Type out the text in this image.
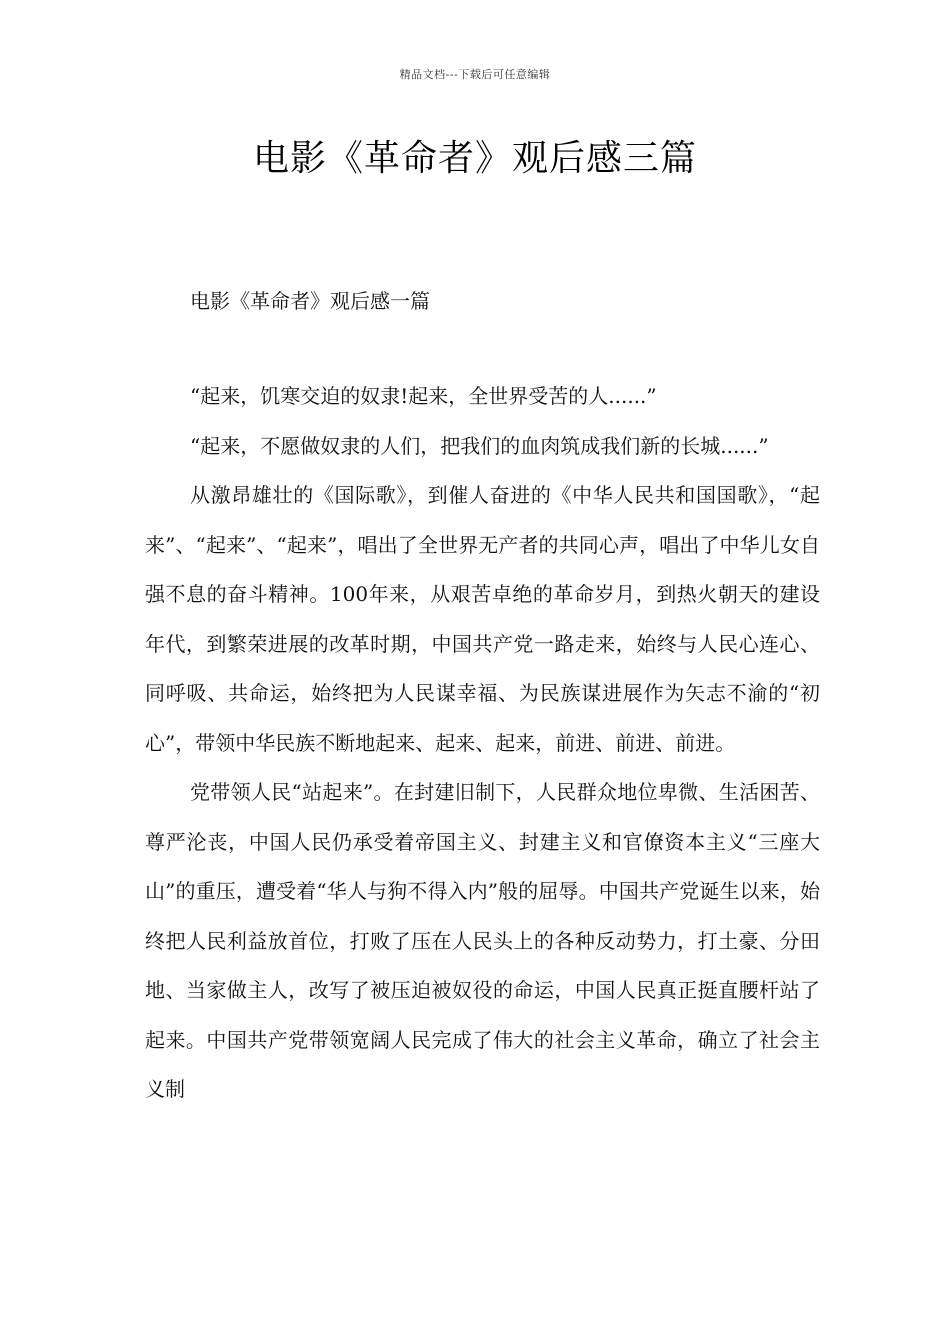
精品文档---下载后可任意编辑
电影《革命者》观后感三篇
电影《革命者》观后感一篇

“起来，饥寒交迫的奴隶!起来，全世界受苦的人......”

“起来，不愿做奴隶的人们，把我们的血肉筑成我们新的长城......”

从激昂雄壮的《国际歌》，到催人奋进的《中华人民共和国国歌》，“起来”、“起来”、“起来”，唱出了全世界无产者的共同心声，唱出了中华儿女自强不息的奋斗精神。100年来，从艰苦卓绝的革命岁月，到热火朝天的建设年代，到繁荣进展的改革时期，中国共产党一路走来，始终与人民心连心、同呼吸、共命运，始终把为人民谋幸福、为民族谋进展作为矢志不渝的“初心”，带领中华民族不断地起来、起来、起来，前进、前进、前进。

党带领人民“站起来”。在封建旧制下，人民群众地位卑微、生活困苦、尊严沦丧，中国人民仍承受着帝国主义、封建主义和官僚资本主义“三座大山”的重压，遭受着“华人与狗不得入内”般的屈辱。中国共产党诞生以来，始终把人民利益放首位，打败了压在人民头上的各种反动势力，打土豪、分田地、当家做主人，改写了被压迫被奴役的命运，中国人民真正挺直腰杆站了起来。中国共产党带领宽阔人民完成了伟大的社会主义革命，确立了社会主义制
